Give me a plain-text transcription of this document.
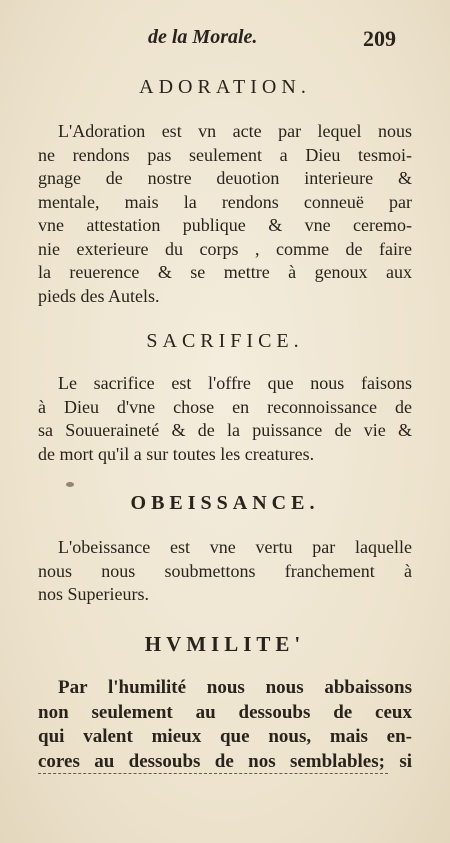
de la Morale.	209
ADORATION.
L'Adoration est vn acte par lequel nous
ne rendons pas seulement a Dieu tesmoi-
gnage de nostre deuotion interieure &
mentale, mais la rendons conneuë par
vne attestation publique & vne ceremo-
nie exterieure du corps , comme de faire
la reuerence & se mettre à genoux aux
pieds des Autels.
SACRIFICE.
Le sacrifice est l'offre que nous faisons
à Dieu d'vne chose en reconnoissance de
sa Souueraineté & de la puissance de vie &
de mort qu'il a sur toutes les creatures.
OBEISSANCE.
L'obeissance est vne vertu par laquelle
nous nous soubmettons franchement à
nos Superieurs.
HVMILITE'
Par l'humilité nous nous abbaissons
non seulement au dessoubs de ceux
qui valent mieux que nous, mais en-
cores au dessoubs de nos semblables; si
